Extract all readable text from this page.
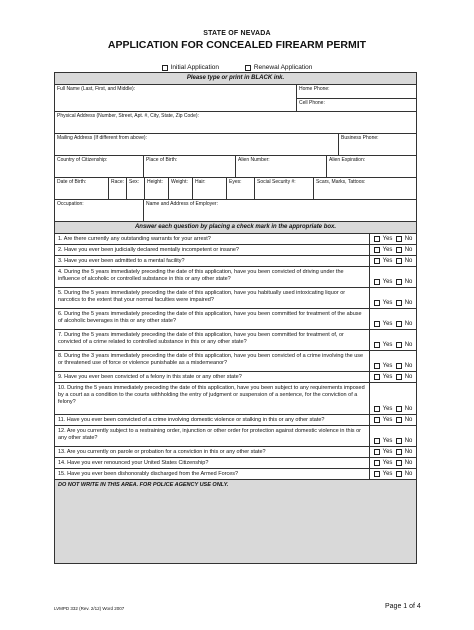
STATE OF NEVADA
APPLICATION FOR CONCEALED FIREARM PERMIT
Initial Application
	Renewal Application
Please type or print in BLACK ink.
Full Name (Last, First, and Middle):	Home Phone:
Cell Phone:
Physical Address (Number, Street, Apt. #, City, State, Zip Code):
Mailing Address (If different from above):	Business Phone:
Country of Citizenship:	Place of Birth:	Alien Number:	Alien Expiration:
Date of Birth:	Race: Sex:	Height:	Weight:	Hair:	Eyes:	Social Security #:	Scars, Marks, Tattoos:
Occupation:	Name and Address of Employer:
Answer each question by placing a check mark in the appropriate box.
1. Are there currently any outstanding warrants for your arrest?	Yes No
2. Have you ever been judicially declared mentally incompetent or insane?	Yes No
3. Have you ever been admitted to a mental facility?	Yes No
4. During the 5 years immediately preceding the date of this application, have you been convicted of driving under the influence of alcoholic or controlled substance in this or any other state?	Yes No
5. During the 5 years immediately preceding the date of this application, have you habitually used intoxicating liquor or narcotics to the extent that your normal faculties were impaired?	Yes No
6. During the 5 years immediately preceding the date of this application, have you been committed for treatment of the abuse of alcoholic beverages in this or any other state?	Yes No
7. During the 5 years immediately preceding the date of this application, have you been committed for treatment of, or convicted of a crime related to controlled substance in this or any other state?	Yes No
8. During the 3 years immediately preceding the date of this application, have you been convicted of a crime involving the use or threatened use of force or violence punishable as a misdemeanor?	Yes No
9. Have you ever been convicted of a felony in this state or any other state?	Yes No
10. During the 5 years immediately preceding the date of this application, have you been subject to any requirements imposed by a court as a condition to the courts withholding the entry of judgment or suspension of a sentence, for the conviction of a felony?
Yes No
11. Have you ever been convicted of a crime involving domestic violence or stalking in this or any other state?	Yes No
12. Are you currently subject to a restraining order, injunction or other order for protection against domestic violence in this or any other state?	Yes No
13. Are you currently on parole or probation for a conviction in this or any other state?	Yes No
14. Have you ever renounced your United States Citizenship?	Yes No
15. Have you ever been dishonorably discharged from the Armed Forces?	Yes No
DO NOT WRITE IN THIS AREA. FOR POLICE AGENCY USE ONLY.
LVMPD 332 (Rev. 2/12) Word 2007	Page 1 of 4
